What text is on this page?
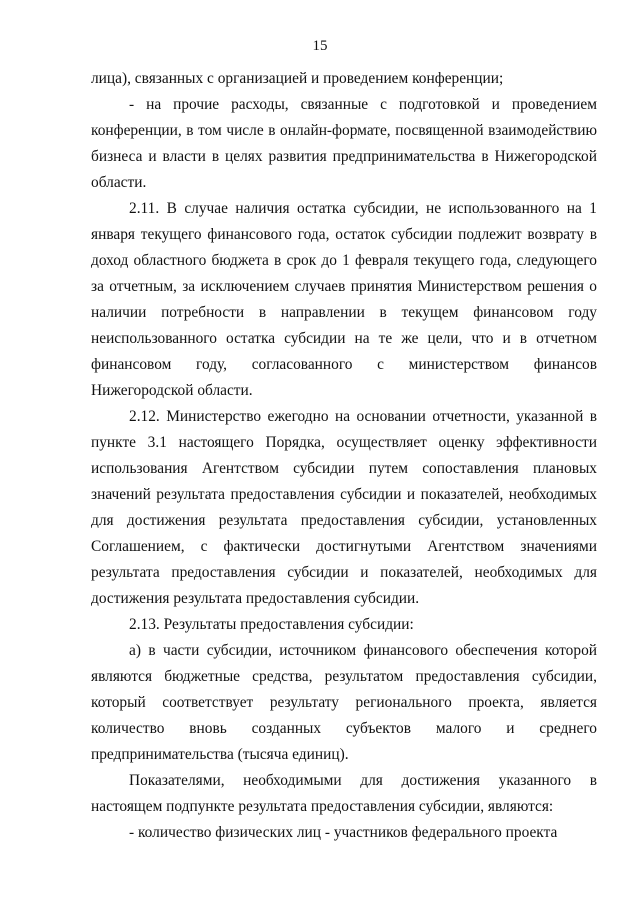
15

лица), связанных с организацией и проведением конференции;

- на прочие расходы, связанные с подготовкой и проведением конференции, в том числе в онлайн-формате, посвященной взаимодействию бизнеса и власти в целях развития предпринимательства в Нижегородской области.

2.11. В случае наличия остатка субсидии, не использованного на 1 января текущего финансового года, остаток субсидии подлежит возврату в доход областного бюджета в срок до 1 февраля текущего года, следующего за отчетным, за исключением случаев принятия Министерством решения о наличии потребности в направлении в текущем финансовом году неиспользованного остатка субсидии на те же цели, что и в отчетном финансовом году, согласованного с министерством финансов Нижегородской области.

2.12. Министерство ежегодно на основании отчетности, указанной в пункте 3.1 настоящего Порядка, осуществляет оценку эффективности использования Агентством субсидии путем сопоставления плановых значений результата предоставления субсидии и показателей, необходимых для достижения результата предоставления субсидии, установленных Соглашением, с фактически достигнутыми Агентством значениями результата предоставления субсидии и показателей, необходимых для достижения результата предоставления субсидии.

2.13. Результаты предоставления субсидии:

а) в части субсидии, источником финансового обеспечения которой являются бюджетные средства, результатом предоставления субсидии, который соответствует результату регионального проекта, является количество вновь созданных субъектов малого и среднего предпринимательства (тысяча единиц).

Показателями, необходимыми для достижения указанного в настоящем подпункте результата предоставления субсидии, являются:

- количество физических лиц - участников федерального проекта
